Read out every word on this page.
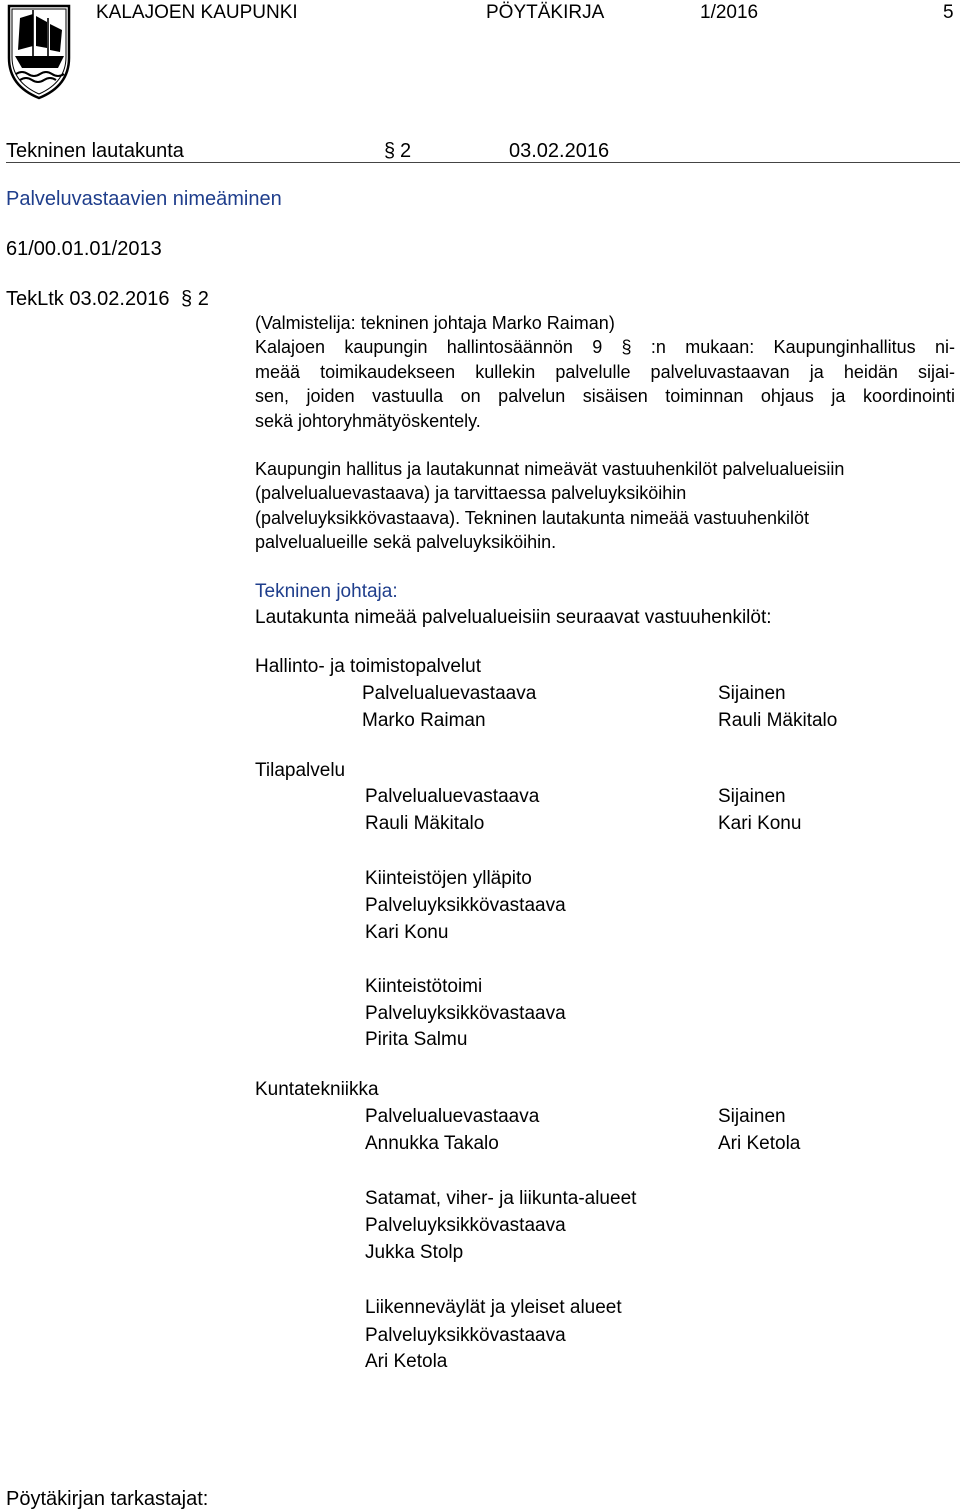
KALAJOEN KAUPUNKI	PÖYTÄKIRJA	1/2016	5
Tekninen lautakunta	§ 2	03.02.2016
Palveluvastaavien nimeäminen
61/00.01.01/2013
TekLtk 03.02.2016 § 2
(Valmistelija: tekninen johtaja Marko Raiman)
Kalajoen kaupungin hallintosäännön 9 § :n mukaan: Kaupunginhallitus ni-
meää toimikaudekseen kullekin palvelulle palveluvastaavan ja heidän sijai-
sen, joiden vastuulla on palvelun sisäisen toiminnan ohjaus ja koordinointi
sekä johtoryhmätyöskentely.
Kaupungin hallitus ja lautakunnat nimeävät vastuuhenkilöt palvelualueisiin
(palvelualuevastaava) ja tarvittaessa palveluyksiköihin
(palveluyksikkövastaava). Tekninen lautakunta nimeää vastuuhenkilöt
palvelualueille sekä palveluyksiköihin.
Tekninen johtaja:
Lautakunta nimeää palvelualueisiin seuraavat vastuuhenkilöt:
Hallinto- ja toimistopalvelut
Palvelualuevastaava	Sijainen
Marko Raiman	Rauli Mäkitalo
Tilapalvelu
Palvelualuevastaava	Sijainen
Rauli Mäkitalo	Kari Konu
Kiinteistöjen ylläpito
Palveluyksikkövastaava
Kari Konu
Kiinteistötoimi
Palveluyksikkövastaava
Pirita Salmu
Kuntatekniikka
Palvelualuevastaava	Sijainen
Annukka Takalo	Ari Ketola
Satamat, viher- ja liikunta-alueet
Palveluyksikkövastaava
Jukka Stolp
Liikenneväylät ja yleiset alueet
Palveluyksikkövastaava
Ari Ketola
Pöytäkirjan tarkastajat:
